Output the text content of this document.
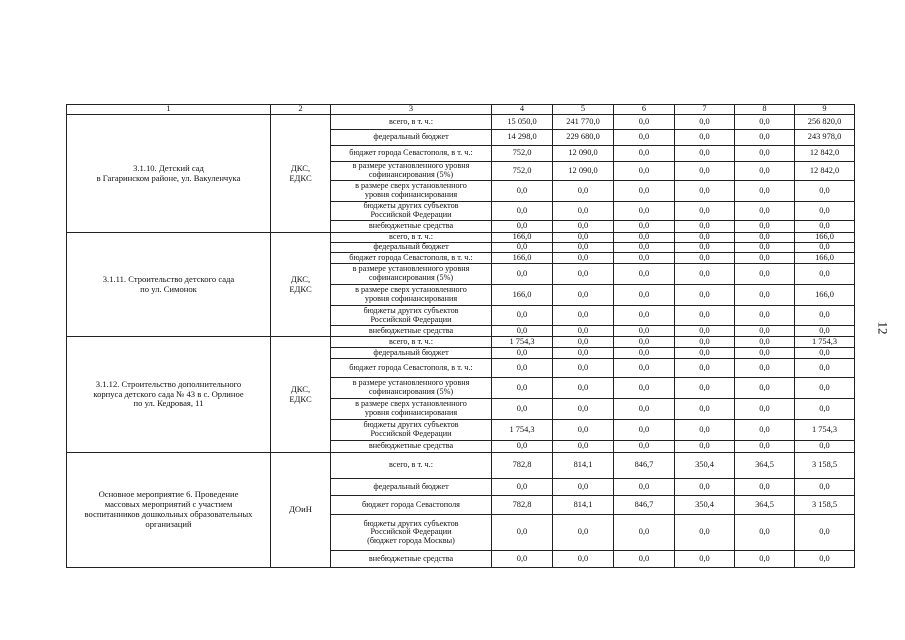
1	2	3	4	5	6	7	8	9
3.1.10. Детский сад
в Гагаринском районе, ул. Вакуленчука	ДКС,
ЕДКС	всего, в т. ч.:	15 050,0	241 770,0	0,0	0,0	0,0	256 820,0
		федеральный бюджет	14 298,0	229 680,0	0,0	0,0	0,0	243 978,0
		бюджет города Севастополя, в т. ч.:	752,0	12 090,0	0,0	0,0	0,0	12 842,0
		в размере установленного уровня
софинансирования (5%)	752,0	12 090,0	0,0	0,0	0,0	12 842,0
		в размере сверх установленного
уровня софинансирования	0,0	0,0	0,0	0,0	0,0	0,0
		бюджеты других субъектов
Российской Федерации	0,0	0,0	0,0	0,0	0,0	0,0
		внебюджетные средства	0,0	0,0	0,0	0,0	0,0	0,0
3.1.11. Строительство детского сада
по ул. Симонок	ДКС,
ЕДКС	всего, в т. ч.:	166,0	0,0	0,0	0,0	0,0	166,0
		федеральный бюджет	0,0	0,0	0,0	0,0	0,0	0,0
		бюджет города Севастополя, в т. ч.:	166,0	0,0	0,0	0,0	0,0	166,0
		в размере установленного уровня
софинансирования (5%)	0,0	0,0	0,0	0,0	0,0	0,0
		в размере сверх установленного
уровня софинансирования	166,0	0,0	0,0	0,0	0,0	166,0
		бюджеты других субъектов
Российской Федерации	0,0	0,0	0,0	0,0	0,0	0,0
		внебюджетные средства	0,0	0,0	0,0	0,0	0,0	0,0
3.1.12. Строительство дополнительного
корпуса детского сада № 43 в с. Орлиное
по ул. Кедровая, 11	ДКС,
ЕДКС	всего, в т. ч.:	1 754,3	0,0	0,0	0,0	0,0	1 754,3
		федеральный бюджет	0,0	0,0	0,0	0,0	0,0	0,0
		бюджет города Севастополя, в т. ч.:	0,0	0,0	0,0	0,0	0,0	0,0
		в размере установленного уровня
софинансирования (5%)	0,0	0,0	0,0	0,0	0,0	0,0
		в размере сверх установленного
уровня софинансирования	0,0	0,0	0,0	0,0	0,0	0,0
		бюджеты других субъектов
Российской Федерации	1 754,3	0,0	0,0	0,0	0,0	1 754,3
		внебюджетные средства	0,0	0,0	0,0	0,0	0,0	0,0
Основное мероприятие 6. Проведение
массовых мероприятий с участием
воспитанников дошкольных образовательных
организаций	ДОиН	всего, в т. ч.:	782,8	814,1	846,7	350,4	364,5	3 158,5
		федеральный бюджет	0,0	0,0	0,0	0,0	0,0	0,0
		бюджет города Севастополя	782,8	814,1	846,7	350,4	364,5	3 158,5
		бюджеты других субъектов
Российской Федерации
(бюджет города Москвы)	0,0	0,0	0,0	0,0	0,0	0,0
		внебюджетные средства	0,0	0,0	0,0	0,0	0,0	0,0
12
